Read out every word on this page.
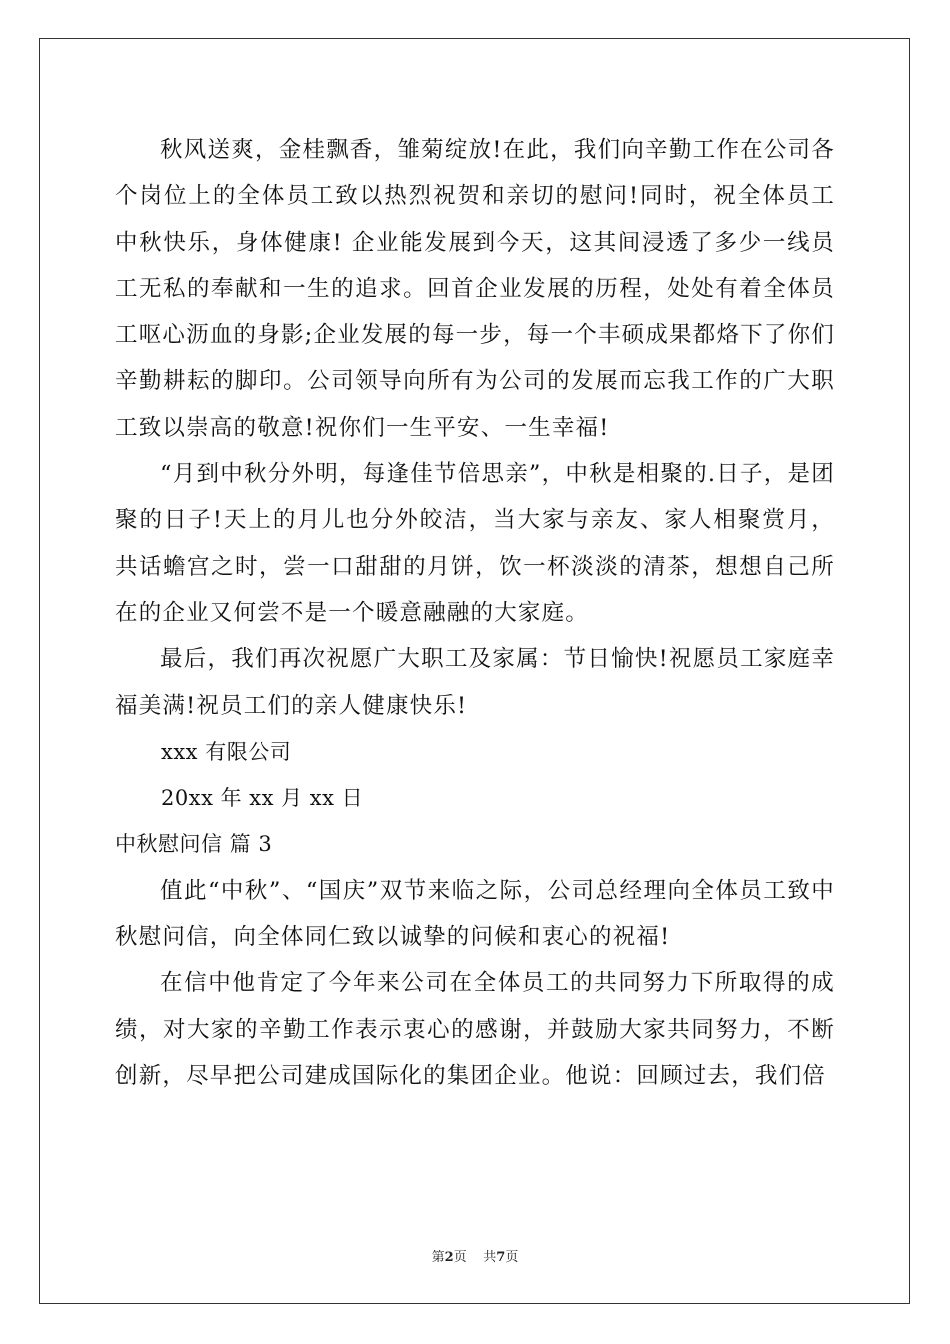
秋风送爽，金桂飘香，雏菊绽放!在此，我们向辛勤工作在公司各个岗位上的全体员工致以热烈祝贺和亲切的慰问!同时，祝全体员工中秋快乐，身体健康! 企业能发展到今天，这其间浸透了多少一线员工无私的奉献和一生的追求。回首企业发展的历程，处处有着全体员工呕心沥血的身影;企业发展的每一步，每一个丰硕成果都烙下了你们辛勤耕耘的脚印。公司领导向所有为公司的发展而忘我工作的广大职工致以崇高的敬意!祝你们一生平安、一生幸福!

“月到中秋分外明，每逢佳节倍思亲”，中秋是相聚的.日子，是团聚的日子!天上的月儿也分外皎洁，当大家与亲友、家人相聚赏月，共话蟾宫之时，尝一口甜甜的月饼，饮一杯淡淡的清茶，想想自己所在的企业又何尝不是一个暖意融融的大家庭。

最后，我们再次祝愿广大职工及家属：节日愉快!祝愿员工家庭幸福美满!祝员工们的亲人健康快乐!

xxx 有限公司

20xx 年 xx 月 xx 日

中秋慰问信 篇 3

值此“中秋”、“国庆”双节来临之际，公司总经理向全体员工致中秋慰问信，向全体同仁致以诚挚的问候和衷心的祝福!

在信中他肯定了今年来公司在全体员工的共同努力下所取得的成绩，对大家的辛勤工作表示衷心的感谢，并鼓励大家共同努力，不断创新，尽早把公司建成国际化的集团企业。他说：回顾过去，我们倍

第2页 共7页
